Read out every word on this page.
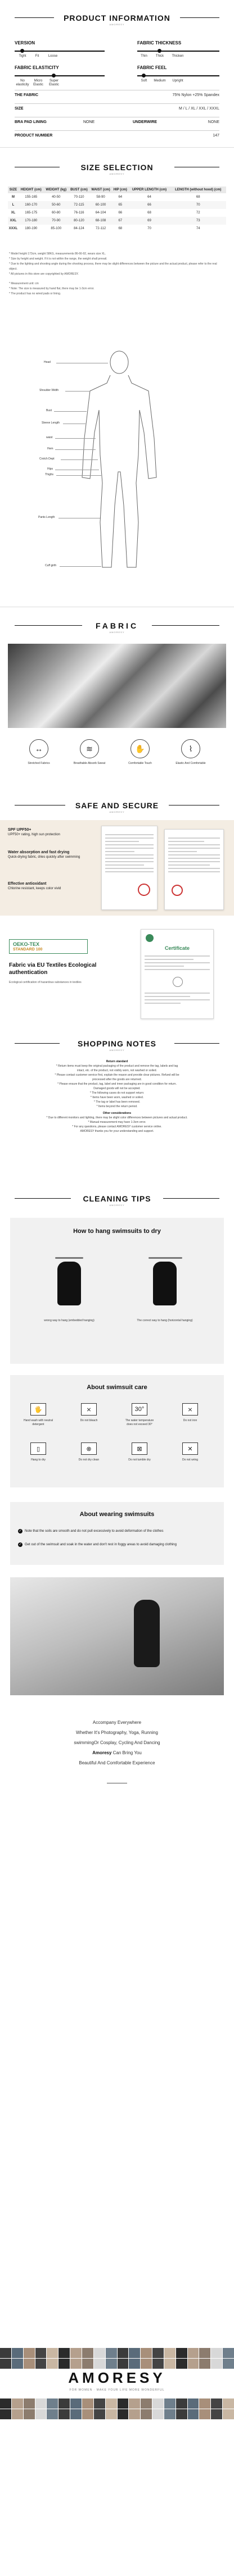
PRODUCT INFORMATION
AMORESY
VERSION
Tight	Fit	Loose
FABRIC THICKNESS
Thin Thick Thicken
FABRIC ELASTICITY
No elasticity
Micro Elastic
Super Elastic
FABRIC FEEL
Soft Medium Upright
THE FABRIC	75% Nylon +25% Spandex
SIZE	M / L / XL / XXL / XXXL
BRA PAD LINING	NONE	UNDERWIRE	NONE
PRODUCT NUMBER	147
SIZE SELECTION
AMORESY
SIZE	HEIGHT (cm)	WEIGHT (kg)	BUST (cm)	WAIST (cm)	HIP (cm)	UPPER LENGTH (cm)	LENGTH (without hood) (cm)
M	155-165	40-50	70-110	58-90	64	64	68
L	160-170	50-60	72-115	60-100	65	66	70
XL	165-175	60-80	76-116	64-104	66	68	72
XXL	170-180	70-90	80-120	68-108	67	69	73
XXXL	180-190	85-100	84-124	72-112	68	70	74
* Model height 173cm, weight 58KG, measurements 86-66-92, wears size XL.
* Size by height and weight. If it is not within the range, the weight shall prevail.
* Due to the lighting and shooting angle during the shooting process, there may be slight differences between the picture and the actual product, please refer to the real object.
* All pictures in this store are copyrighted by AMORESY.
* Measurement unit: cm
* Note: The size is measured by hand flat, there may be 1-3cm error.
* The product has no wired pads or lining.
Head
Shoulder Width
Bust
Sleeve Length
waist
Hem
Crotch Dept
Hips
Thighs
Pants Length
Cuff girth
FABRIC
AMORESY
↔
Stretched Fabrics
≋
Breathable Absorb Sweat
✋
Comfortable Touch
⌇
Elastic And Comfortable
SAFE AND SECURE
AMORESY
SPF UPF50+
UPF50+ rating, high sun protection
Water absorption and fast drying
Quick-drying fabric, dries quickly after swimming
Effective antioxidant
Chlorine resistant, keeps color vivid
OEKO-TEX
STANDARD 100
Fabric via EU Textiles Ecological authentication
Ecological certification of hazardous substances in textiles
Certificate
SHOPPING NOTES
AMORESY

Return standard

* Return items must keep the original packaging of the product and remove the tag, labels and tag

intact, etc. of the product, not visibly worn, not washed or soiled.

* Please contact customer service first, explain the reason and provide clear pictures. Refund will be

processed after the goods are returned.

* Please ensure that the product, tag, label and inner packaging are in good condition for return.

Damaged goods will not be accepted.

* The following cases do not support return:

* Items have been worn, washed or soiled.

* The tag or label has been removed.

* Items beyond the return period.

Other considerations

* Due to different monitors and lighting, there may be slight color differences between pictures and actual product.

* Manual measurement may have 1-3cm error.

* For any questions, please contact AMORESY customer service online.

AMORESY thanks you for your understanding and support.

CLEANING TIPS
AMORESY
How to hang swimsuits to dry
wrong way to hang (embedded hanging)	The correct way to hang (horizontal hanging)
About swimsuit care
🖐
Hand wash with neutral detergent
⨯
Do not bleach
30°
The water temperature does not exceed 30°
⨯
Do not iron
▯
Hang to dry
⊗
Do not dry clean
⊠
Do not tumble dry
✕
Do not wring
About wearing swimsuits
✓ Note that the soils are smooth and do not pull excessively to avoid deformation of the clothes
✓ Get out of the swimsuit and soak in the water and don't rest in foggy areas to avoid damaging clothing

Accompany Everywhere

Whether It's Photography, Yoga, Running

swimmingOr Cosplay, Cycling And Dancing

Amoresy Can Bring You

Beautiful And Comfortable Experience

AMORESY
FOR WOMEN · MAKE YOUR LIFE MORE WONDERFUL
